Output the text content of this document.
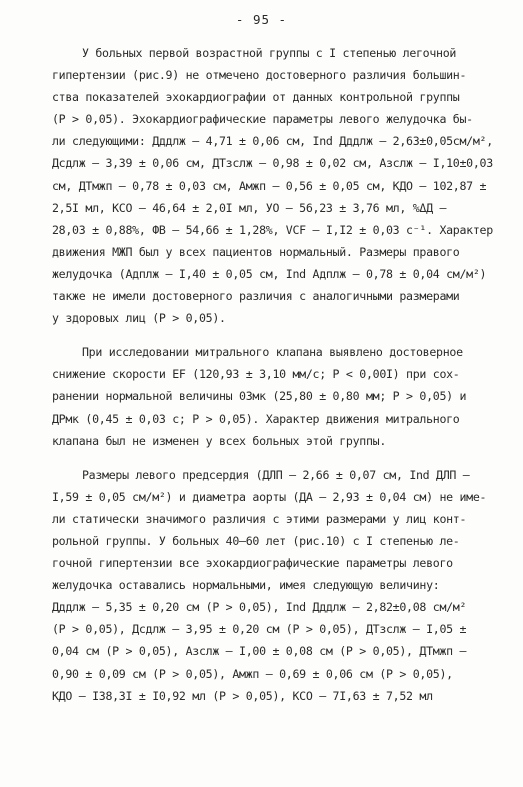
- 95 -
У больных первой возрастной группы с I степенью легочной
гипертензии (рис.9) не отмечено достоверного различия большин-
ства показателей эхокардиографии от данных контрольной группы
(Р > 0,05). Эхокардиографические параметры левого желудочка бы-
ли следующими: Дддлж – 4,71 ± 0,06 см, Ind Дддлж – 2,63±0,05см/м²,
Дсдлж – 3,39 ± 0,06 см, ДТзслж – 0,98 ± 0,02 см, Азслж – I,10±0,03
см, ДТмжп – 0,78 ± 0,03 см, Амжп – 0,56 ± 0,05 см, КДО – 102,87 ±
2,5I мл, КСО – 46,64 ± 2,0I мл, УО – 56,23 ± 3,76 мл, %ΔД –
28,03 ± 0,88%, ФВ – 54,66 ± 1,28%, VCF – I,I2 ± 0,03 с⁻¹. Характер
движения МЖП был у всех пациентов нормальный. Размеры правого
желудочка (Адплж – I,40 ± 0,05 см, Ind Адплж – 0,78 ± 0,04 см/м²)
также не имели достоверного различия с аналогичными размерами
у здоровых лиц (Р > 0,05).
При исследовании митрального клапана выявлено достоверное
снижение скорости EF (120,93 ± 3,10 мм/с; Р < 0,00I) при сох-
ранении нормальной величины 03мк (25,80 ± 0,80 мм; Р > 0,05) и
ДРмк (0,45 ± 0,03 с; Р > 0,05). Характер движения митрального
клапана был не изменен у всех больных этой группы.
Размеры левого предсердия (ДЛП – 2,66 ± 0,07 см, Ind ДЛП –
I,59 ± 0,05 см/м²) и диаметра аорты (ДА – 2,93 ± 0,04 см) не име-
ли статически значимого различия с этими размерами у лиц конт-
рольной группы. У больных 40–60 лет (рис.10) с I степенью ле-
гочной гипертензии все эхокардиографические параметры левого
желудочка оставались нормальными, имея следующую величину:
Дддлж – 5,35 ± 0,20 см (Р > 0,05), Ind Дддлж – 2,82±0,08 см/м²
(Р > 0,05), Дсдлж – 3,95 ± 0,20 см (Р > 0,05), ДТзслж – I,05 ±
0,04 см (Р > 0,05), Азслж – I,00 ± 0,08 см (Р > 0,05), ДТмжп –
0,90 ± 0,09 см (Р > 0,05), Амжп – 0,69 ± 0,06 см (Р > 0,05),
КДО – I38,3I ± I0,92 мл (Р > 0,05), КСО – 7I,63 ± 7,52 мл
